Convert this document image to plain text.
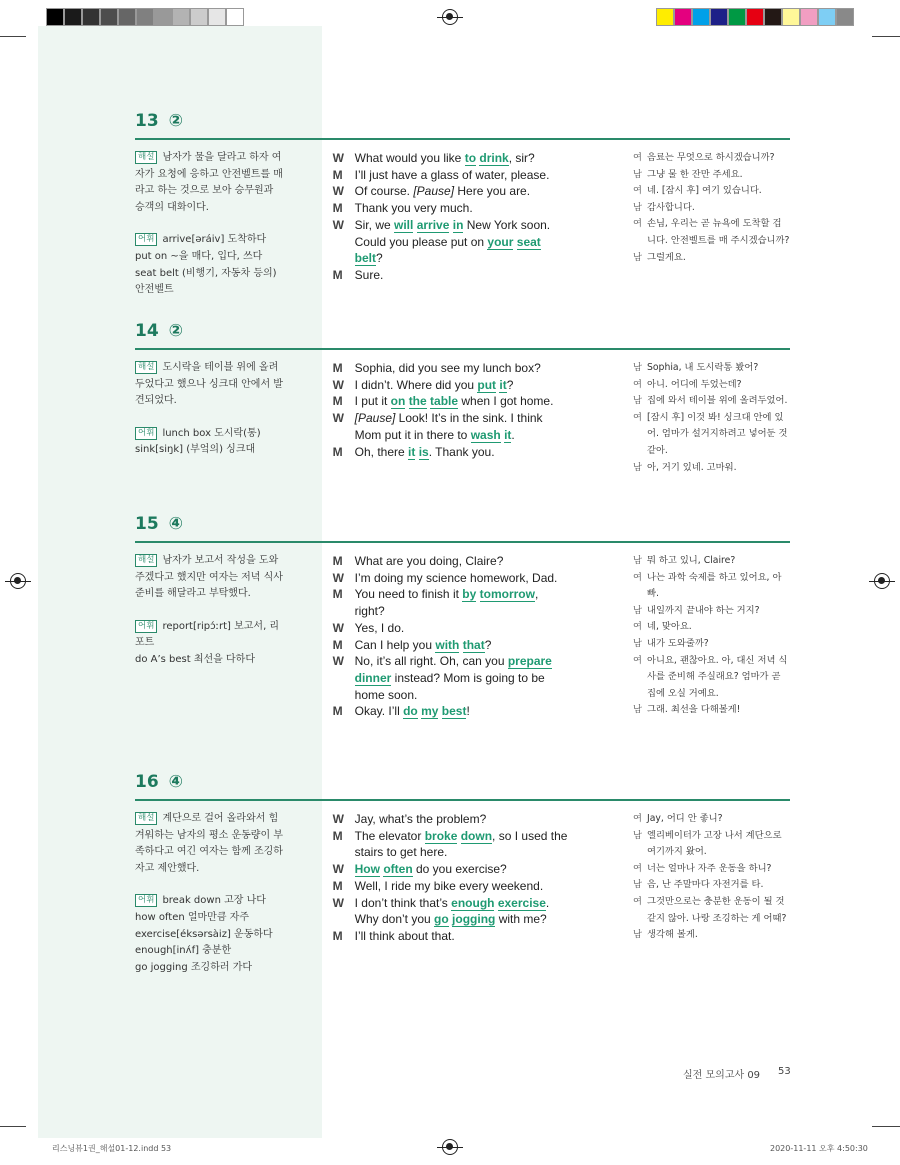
13 ②
해설 남자가 물을 달라고 하자 여자가 요청에 응하고 안전벨트를 매라고 하는 것으로 보아 승무원과 승객의 대화이다.
어휘 arrive[əráiv] 도착하다
put on ~을 매다, 입다, 쓰다
seat belt (비행기, 자동차 등의) 안전벨트
W What would you like to drink, sir?
M	I’ll just have a glass of water, please.
W Of course. [Pause] Here you are.
M	Thank you very much.
W Sir, we will arrive in New York soon. Could you please put on your seat belt?
M	Sure.
여 음료는 무엇으로 하시겠습니까?
남 그냥 물 한 잔만 주세요.
여 네. [잠시 후] 여기 있습니다.
남 감사합니다.
여 손님, 우리는 곧 뉴욕에 도착할 겁니다. 안전벨트를 매 주시겠습니까?
남 그럴게요.
14 ②
해설 도시락을 테이블 위에 올려두었다고 했으나 싱크대 안에서 발견되었다.
어휘 lunch box 도시락(통)
sink[siŋk] (부엌의) 싱크대
M	Sophia, did you see my lunch box?
W I didn’t. Where did you put it?
M	I put it on the table when I got home.
W [Pause] Look! It’s in the sink. I think Mom put it in there to wash it.
M	Oh, there it is. Thank you.
남 Sophia, 내 도시락통 봤어?
여 아니. 어디에 두었는데?
남 집에 와서 테이블 위에 올려두었어.
여 [잠시 후] 이것 봐! 싱크대 안에 있어. 엄마가 설거지하려고 넣어둔 것 같아.
남 아, 거기 있네. 고마워.
15 ④
해설 남자가 보고서 작성을 도와주겠다고 했지만 여자는 저녁 식사 준비를 해달라고 부탁했다.
어휘 report[ripɔ́ːrt] 보고서, 리포트
do A’s best 최선을 다하다
M	What are you doing, Claire?
W I’m doing my science homework, Dad.
M	You need to finish it by tomorrow, right?
W Yes, I do.
M	Can I help you with that?
W No, it’s all right. Oh, can you prepare dinner instead? Mom is going to be home soon.
M	Okay. I’ll do my best!
남 뭐 하고 있니, Claire?
여 나는 과학 숙제를 하고 있어요, 아빠.
남 내일까지 끝내야 하는 거지?
여 네, 맞아요.
남 내가 도와줄까?
여 아니요, 괜찮아요. 아, 대신 저녁 식사를 준비해 주실래요? 엄마가 곧 집에 오실 거예요.
남 그래. 최선을 다해볼게!
16 ④
해설 계단으로 걸어 올라와서 힘겨워하는 남자의 평소 운동량이 부족하다고 여긴 여자는 함께 조깅하자고 제안했다.
어휘 break down 고장 나다
how often 얼마만큼 자주
exercise[éksərsàiz] 운동하다
enough[inʌ́f] 충분한
go jogging 조깅하러 가다
W Jay, what’s the problem?
M	The elevator broke down, so I used the stairs to get here.
W How often do you exercise?
M	Well, I ride my bike every weekend.
W I don’t think that’s enough exercise. Why don’t you go jogging with me?
M	I’ll think about that.
여 Jay, 어디 안 좋니?
남 엘리베이터가 고장 나서 계단으로 여기까지 왔어.
여 너는 얼마나 자주 운동을 하니?
남 음, 난 주말마다 자전거를 타.
여 그것만으로는 충분한 운동이 될 것 같지 않아. 나랑 조깅하는 게 어때?
남 생각해 볼게.
실전 모의고사 09 53
리스닝뷰1권_해설01-12.indd 53	2020-11-11 오후 4:50:30
